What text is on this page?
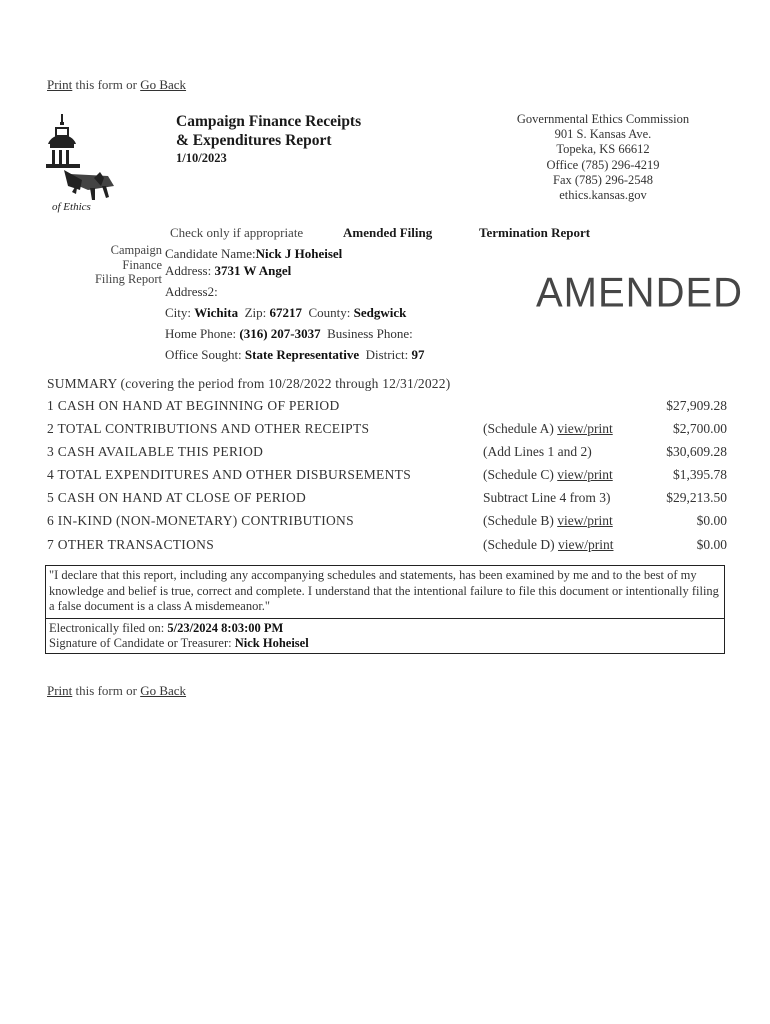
Print this form or Go Back
of Ethics
Campaign Finance Receipts
& Expenditures Report
1/10/2023
Governmental Ethics Commission
901 S. Kansas Ave.
Topeka, KS 66612
Office (785) 296-4219
Fax (785) 296-2548
ethics.kansas.gov
Check only if appropriate	Amended Filing	Termination Report
Campaign
Finance
Filing Report
Candidate Name:Nick J Hoheisel
Address: 3731 W Angel
Address2:
City: Wichita  Zip: 67217  County: Sedgwick
Home Phone: (316) 207-3037  Business Phone:
Office Sought: State Representative  District: 97
AMENDED
SUMMARY (covering the period from 10/28/2022 through 12/31/2022)
1 CASH ON HAND AT BEGINNING OF PERIOD	$27,909.28
2 TOTAL CONTRIBUTIONS AND OTHER RECEIPTS	(Schedule A) view/print	$2,700.00
3 CASH AVAILABLE THIS PERIOD	(Add Lines 1 and 2)	$30,609.28
4 TOTAL EXPENDITURES AND OTHER DISBURSEMENTS	(Schedule C) view/print	$1,395.78
5 CASH ON HAND AT CLOSE OF PERIOD	Subtract Line 4 from 3)	$29,213.50
6 IN-KIND (NON-MONETARY) CONTRIBUTIONS	(Schedule B) view/print	$0.00
7 OTHER TRANSACTIONS	(Schedule D) view/print	$0.00
"I declare that this report, including any accompanying schedules and statements, has been examined by me and to the best of my knowledge and belief is true, correct and complete. I understand that the intentional failure to file this document or intentionally filing a false document is a class A misdemeanor."
Electronically filed on: 5/23/2024 8:03:00 PM
Signature of Candidate or Treasurer: Nick Hoheisel
Print this form or Go Back
